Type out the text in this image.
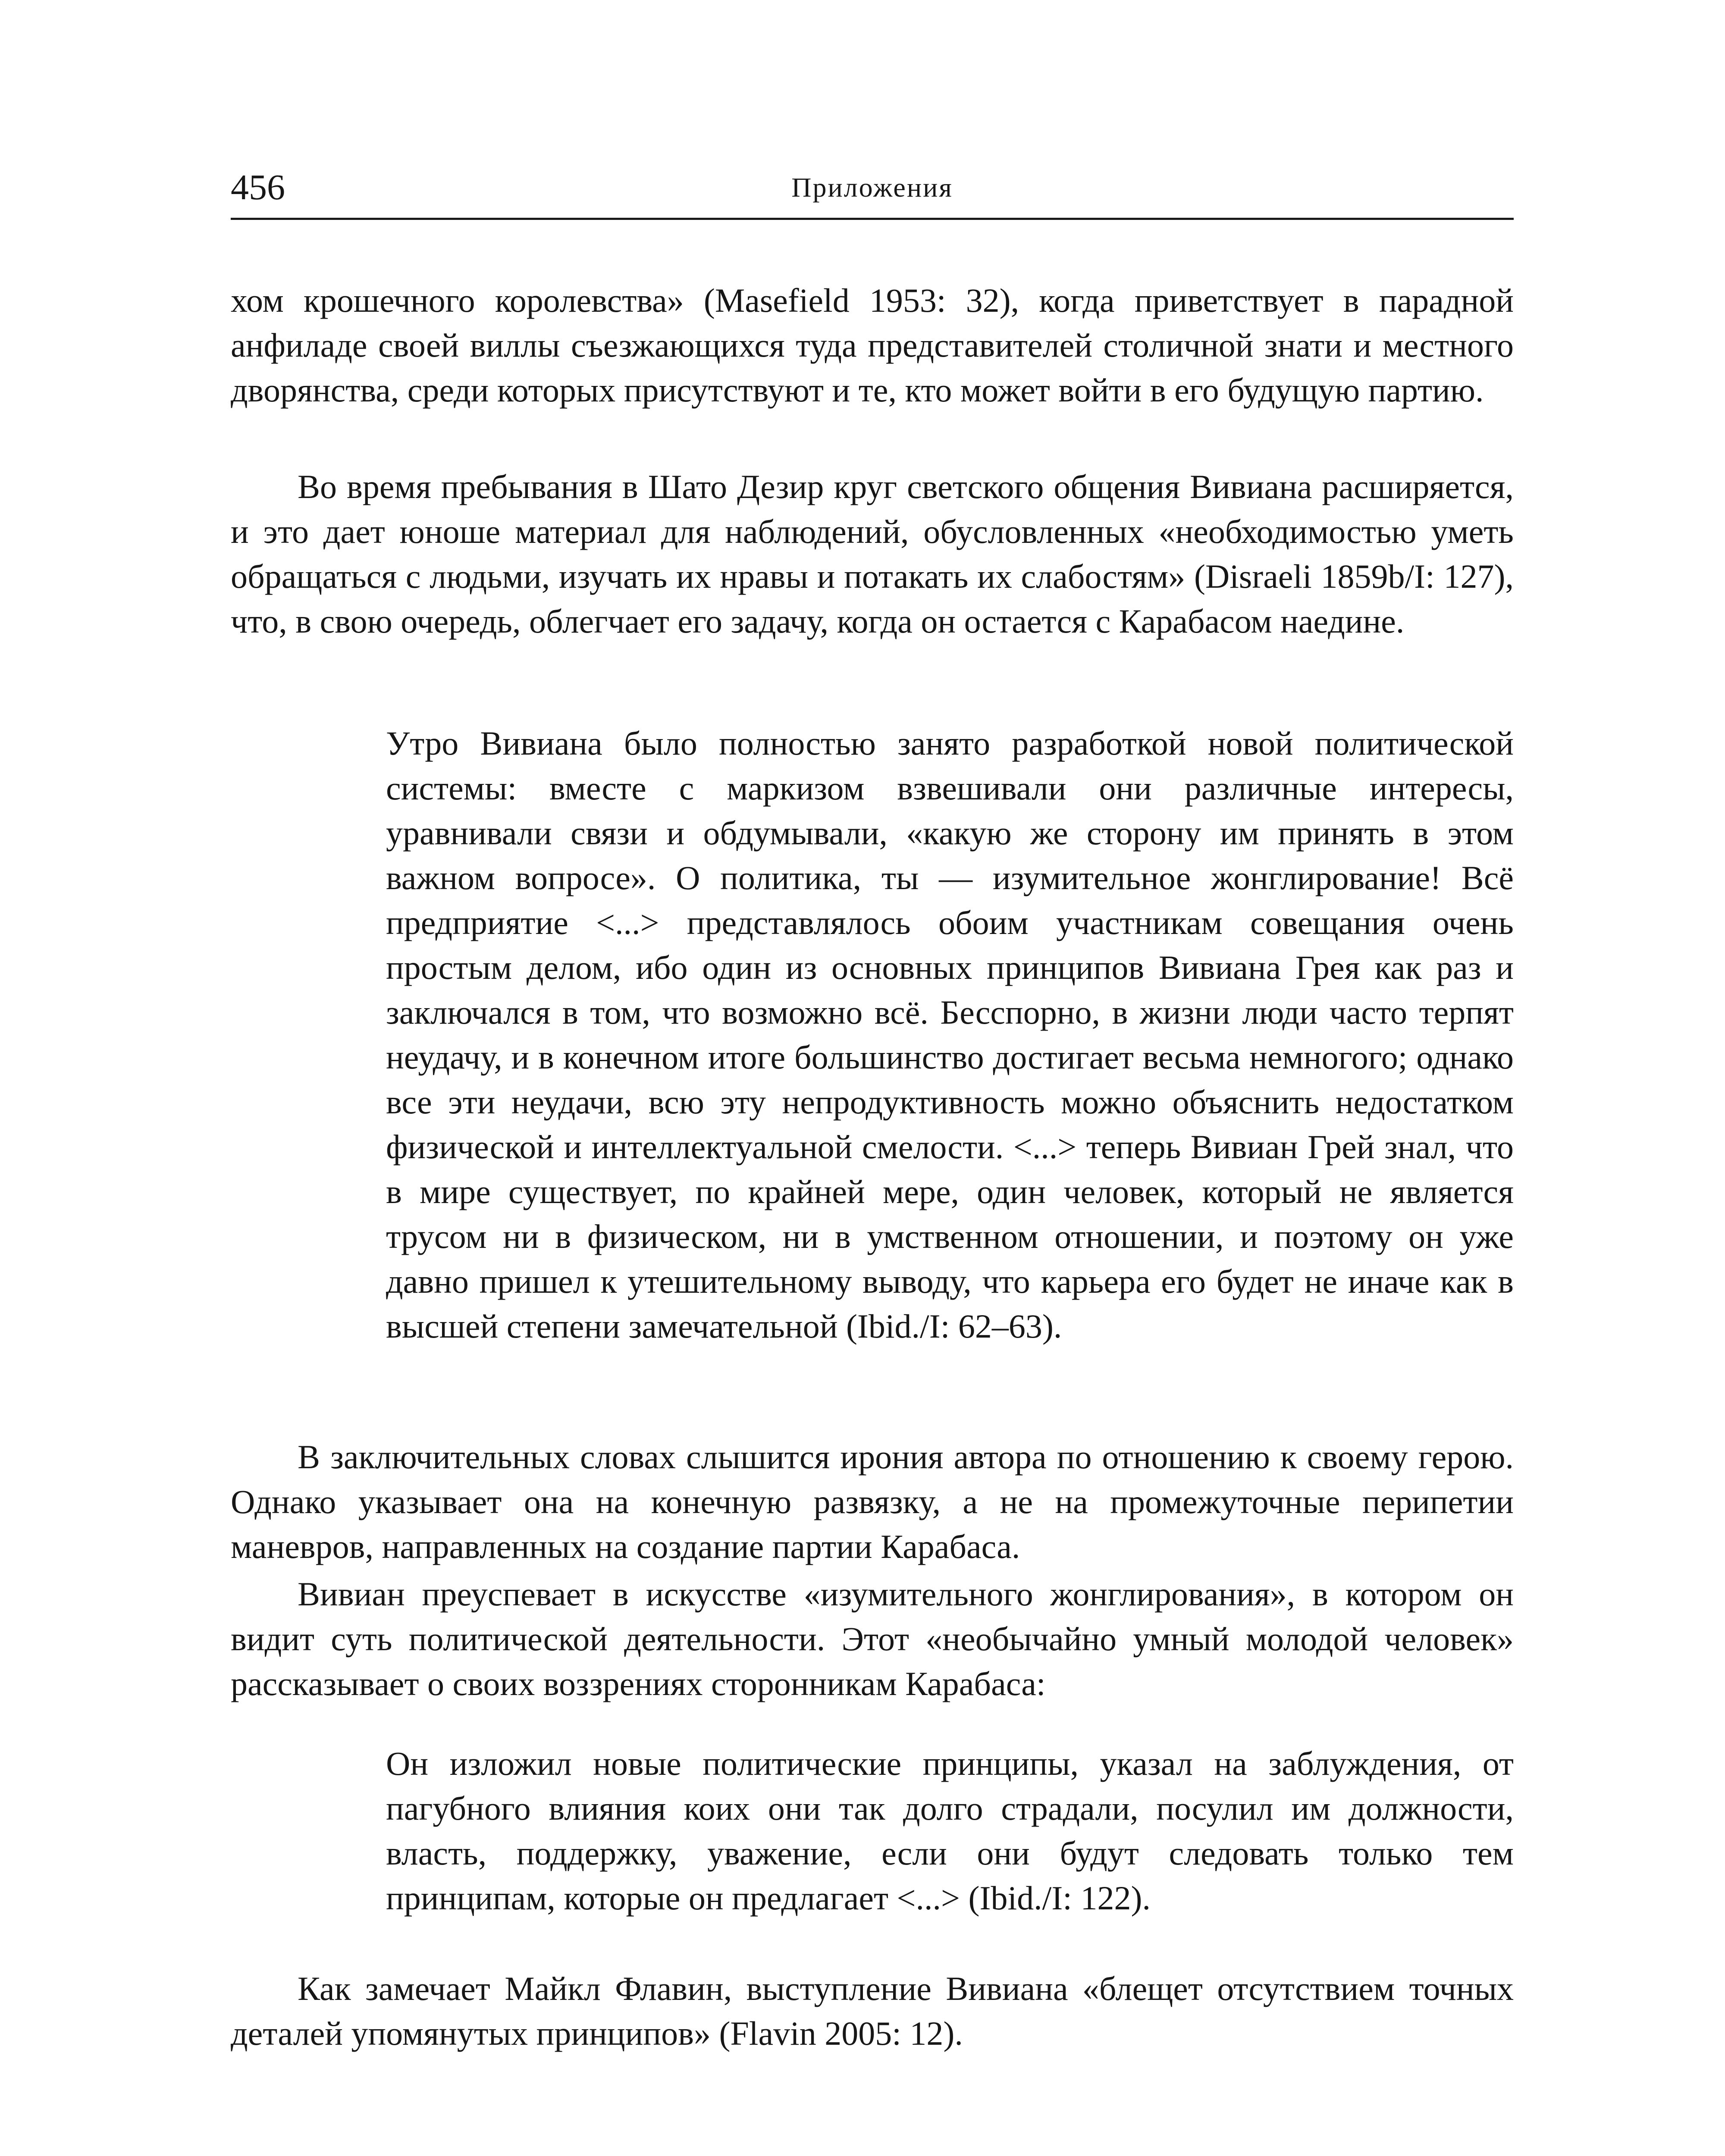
456	Приложения

хом крошечного королевства» (Masefield 1953: 32), когда приветствует в парадной анфиладе своей виллы съезжающихся туда представителей столичной знати и местного дворянства, среди которых присутствуют и те, кто может войти в его будущую партию.

Во время пребывания в Шато Дезир круг светского общения Вивиана расширяется, и это дает юноше материал для наблюдений, обусловленных «необходимостью уметь обращаться с людьми, изучать их нравы и потакать их слабостям» (Disraeli 1859b/I: 127), что, в свою очередь, облегчает его задачу, когда он остается с Карабасом наедине.

Утро Вивиана было полностью занято разработкой новой политической системы: вместе с маркизом взвешивали они различные интересы, уравнивали связи и обдумывали, «какую же сторону им принять в этом важном вопросе». О политика, ты — изумительное жонглирование! Всё предприятие <...> представлялось обоим участникам совещания очень простым делом, ибо один из основных принципов Вивиана Грея как раз и заключался в том, что возможно всё. Бесспорно, в жизни люди часто терпят неудачу, и в конечном итоге большинство достигает весьма немногого; однако все эти неудачи, всю эту непродуктивность можно объяснить недостатком физической и интеллектуальной смелости. <...> теперь Вивиан Грей знал, что в мире существует, по крайней мере, один человек, который не является трусом ни в физическом, ни в умственном отношении, и поэтому он уже давно пришел к утешительному выводу, что карьера его будет не иначе как в высшей степени замечательной (Ibid./I: 62–63).

В заключительных словах слышится ирония автора по отношению к своему герою. Однако указывает она на конечную развязку, а не на промежуточные перипетии маневров, направленных на создание партии Карабаса.

Вивиан преуспевает в искусстве «изумительного жонглирования», в котором он видит суть политической деятельности. Этот «необычайно умный молодой человек» рассказывает о своих воззрениях сторонникам Карабаса:

Он изложил новые политические принципы, указал на заблуждения, от пагубного влияния коих они так долго страдали, посулил им должности, власть, поддержку, уважение, если они будут следовать только тем принципам, которые он предлагает <...> (Ibid./I: 122).

Как замечает Майкл Флавин, выступление Вивиана «блещет отсутствием точных деталей упомянутых принципов» (Flavin 2005: 12).
